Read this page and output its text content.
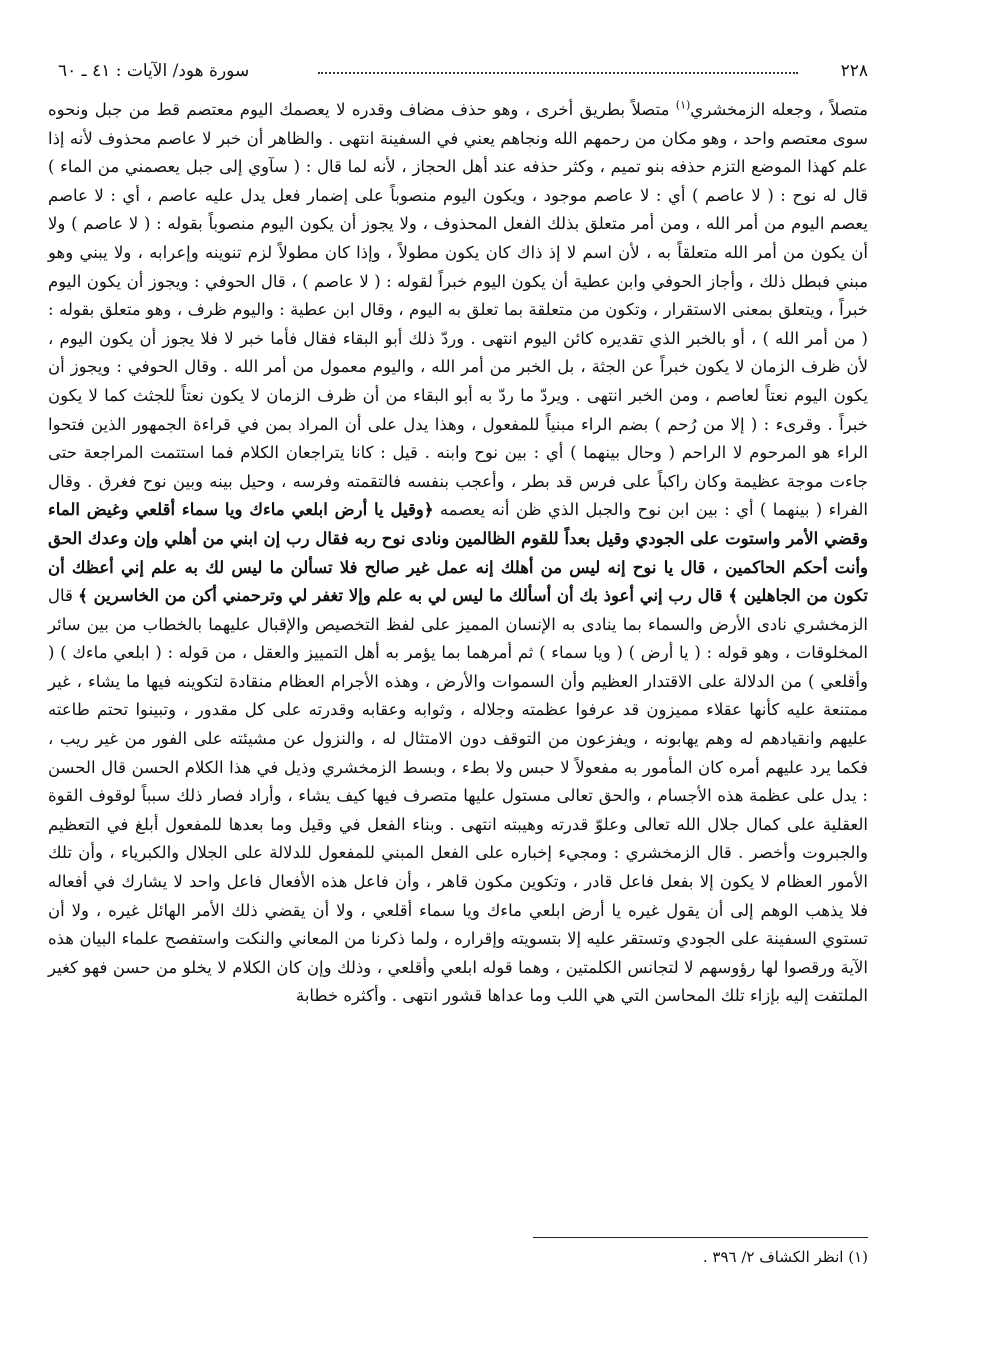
٢٢٨
سورة هود/ الآيات : ٤١ ـ ٦٠

متصلاً ، وجعله الزمخشري$^{(١)}$ متصلاً بطريق أخرى ، وهو حذف مضاف وقدره لا يعصمك اليوم معتصم قط من جبل ونحوه سوى معتصم واحد ، وهو مكان من رحمهم الله ونجاهم يعني في السفينة انتهى . والظاهر أن خبر لا عاصم محذوف لأنه إذا علم كهذا الموضع التزم حذفه بنو تميم ، وكثر حذفه عند أهل الحجاز ، لأنه لما قال : ( سآوي إلى جبل يعصمني من الماء ) قال له نوح : ( لا عاصم ) أي : لا عاصم موجود ، ويكون اليوم منصوباً على إضمار فعل يدل عليه عاصم ، أي : لا عاصم يعصم اليوم من أمر الله ، ومن أمر متعلق بذلك الفعل المحذوف ، ولا يجوز أن يكون اليوم منصوباً بقوله : ( لا عاصم ) ولا أن يكون من أمر الله متعلقاً به ، لأن اسم لا إذ ذاك كان يكون مطولاً ، وإذا كان مطولاً لزم تنوينه وإعرابه ، ولا يبني وهو مبني فبطل ذلك ، وأجاز الحوفي وابن عطية أن يكون اليوم خبراً لقوله : ( لا عاصم ) ، قال الحوفي : ويجوز أن يكون اليوم خبراً ، ويتعلق بمعنى الاستقرار ، وتكون من متعلقة بما تعلق به اليوم ، وقال ابن عطية : واليوم ظرف ، وهو متعلق بقوله : ( من أمر الله ) ، أو بالخبر الذي تقديره كائن اليوم انتهى . وردّ ذلك أبو البقاء فقال فأما خبر لا فلا يجوز أن يكون اليوم ، لأن ظرف الزمان لا يكون خبراً عن الجثة ، بل الخبر من أمر الله ، واليوم معمول من أمر الله . وقال الحوفي : ويجوز أن يكون اليوم نعتاً لعاصم ، ومن الخبر انتهى . ويردّ ما ردّ به أبو البقاء من أن ظرف الزمان لا يكون نعتاً للجثث كما لا يكون خبراً . وقرىء : ( إلا من رُحم ) بضم الراء مبنياً للمفعول ، وهذا يدل على أن المراد بمن في قراءة الجمهور الذين فتحوا الراء هو المرحوم لا الراحم ( وحال بينهما ) أي : بين نوح وابنه . قيل : كانا يتراجعان الكلام فما استتمت المراجعة حتى جاءت موجة عظيمة وكان راكباً على فرس قد بطر ، وأعجب بنفسه فالتقمته وفرسه ، وحيل بينه وبين نوح فغرق . وقال الفراء ( بينهما ) أي : بين ابن نوح والجبل الذي ظن أنه يعصمه ﴿وقيل يا أرض ابلعي ماءك ويا سماء أقلعي وغيض الماء وقضي الأمر واستوت على الجودي وقيل بعداً للقوم الظالمين ونادى نوح ربه فقال رب إن ابني من أهلي وإن وعدك الحق وأنت أحكم الحاكمين ، قال يا نوح إنه ليس من أهلك إنه عمل غير صالح فلا تسألن ما ليس لك به علم إني أعظك أن تكون من الجاهلين ﴾ قال رب إني أعوذ بك أن أسألك ما ليس لي به علم وإلا تغفر لي وترحمني أكن من الخاسرين ﴾ قال الزمخشري نادى الأرض والسماء بما ينادى به الإنسان المميز على لفظ التخصيص والإقبال عليهما بالخطاب من بين سائر المخلوقات ، وهو قوله : ( يا أرض ) ( ويا سماء ) ثم أمرهما بما يؤمر به أهل التمييز والعقل ، من قوله : ( ابلعي ماءك ) ( وأقلعي ) من الدلالة على الاقتدار العظيم وأن السموات والأرض ، وهذه الأجرام العظام منقادة لتكوينه فيها ما يشاء ، غير ممتنعة عليه كأنها عقلاء مميزون قد عرفوا عظمته وجلاله ، وثوابه وعقابه وقدرته على كل مقدور ، وتبينوا تحتم طاعته عليهم وانقيادهم له وهم يهابونه ، ويفزعون من التوقف دون الامتثال له ، والنزول عن مشيئته على الفور من غير ريب ، فكما يرد عليهم أمره كان المأمور به مفعولاً لا حبس ولا بطء ، وبسط الزمخشري وذيل في هذا الكلام الحسن قال الحسن : يدل على عظمة هذه الأجسام ، والحق تعالى مستول عليها متصرف فيها كيف يشاء ، وأراد فصار ذلك سبباً لوقوف القوة العقلية على كمال جلال الله تعالى وعلوّ قدرته وهيبته انتهى . وبناء الفعل في وقيل وما بعدها للمفعول أبلغ في التعظيم والجبروت وأخصر . قال الزمخشري : ومجيء إخباره على الفعل المبني للمفعول للدلالة على الجلال والكبرياء ، وأن تلك الأمور العظام لا يكون إلا بفعل فاعل قادر ، وتكوين مكون قاهر ، وأن فاعل هذه الأفعال فاعل واحد لا يشارك في أفعاله فلا يذهب الوهم إلى أن يقول غيره يا أرض ابلعي ماءك ويا سماء أقلعي ، ولا أن يقضي ذلك الأمر الهائل غيره ، ولا أن تستوي السفينة على الجودي وتستقر عليه إلا بتسويته وإقراره ، ولما ذكرنا من المعاني والنكت واستفصح علماء البيان هذه الآية ورقصوا لها رؤوسهم لا لتجانس الكلمتين ، وهما قوله ابلعي وأقلعي ، وذلك وإن كان الكلام لا يخلو من حسن فهو كغير الملتفت إليه بإزاء تلك المحاسن التي هي اللب وما عداها قشور انتهى . وأكثره خطابة

(١) انظر الكشاف ٢/ ٣٩٦ .
